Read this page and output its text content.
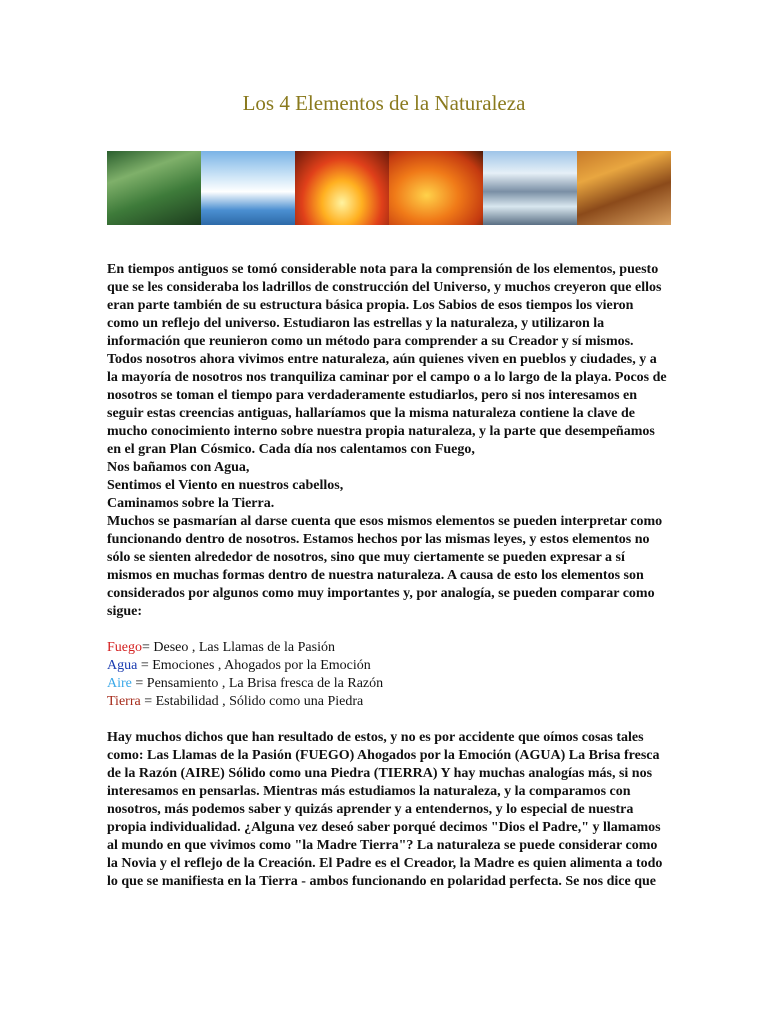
Los 4 Elementos de la Naturaleza

En tiempos antiguos se tomó considerable nota para la comprensión de los elementos, puesto que se les consideraba los ladrillos de construcción del Universo, y muchos creyeron que ellos eran parte también de su estructura básica propia. Los Sabios de esos tiempos los vieron como un reflejo del universo. Estudiaron las estrellas y la naturaleza, y utilizaron la información que reunieron como un método para comprender a su Creador y sí mismos. Todos nosotros ahora vivimos entre naturaleza, aún quienes viven en pueblos y ciudades, y a la mayoría de nosotros nos tranquiliza caminar por el campo o a lo largo de la playa. Pocos de nosotros se toman el tiempo para verdaderamente estudiarlos, pero si nos interesamos en seguir estas creencias antiguas, hallaríamos que la misma naturaleza contiene la clave de mucho conocimiento interno sobre nuestra propia naturaleza, y la parte que desempeñamos en el gran Plan Cósmico. Cada día nos calentamos con Fuego,

Nos bañamos con Agua,

Sentimos el Viento en nuestros cabellos,

Caminamos sobre la Tierra.

Muchos se pasmarían al darse cuenta que esos mismos elementos se pueden interpretar como funcionando dentro de nosotros. Estamos hechos por las mismas leyes, y estos elementos no sólo se sienten alrededor de nosotros, sino que muy ciertamente se pueden expresar a sí mismos en muchas formas dentro de nuestra naturaleza. A causa de esto los elementos son considerados por algunos como muy importantes y, por analogía, se pueden comparar como sigue:

Fuego= Deseo , Las Llamas de la Pasión

Agua = Emociones , Ahogados por la Emoción

Aire = Pensamiento , La Brisa fresca de la Razón

Tierra = Estabilidad , Sólido como una Piedra

Hay muchos dichos que han resultado de estos, y no es por accidente que oímos cosas tales como: Las Llamas de la Pasión (FUEGO) Ahogados por la Emoción (AGUA) La Brisa fresca de la Razón (AIRE) Sólido como una Piedra (TIERRA) Y hay muchas analogías más, si nos interesamos en pensarlas. Mientras más estudiamos la naturaleza, y la comparamos con nosotros, más podemos saber y quizás aprender y a entendernos, y lo especial de nuestra propia individualidad. ¿Alguna vez deseó saber porqué decimos "Dios el Padre," y llamamos al mundo en que vivimos como "la Madre Tierra"? La naturaleza se puede considerar como la Novia y el reflejo de la Creación. El Padre es el Creador, la Madre es quien alimenta a todo lo que se manifiesta en la Tierra - ambos funcionando en polaridad perfecta. Se nos dice que
